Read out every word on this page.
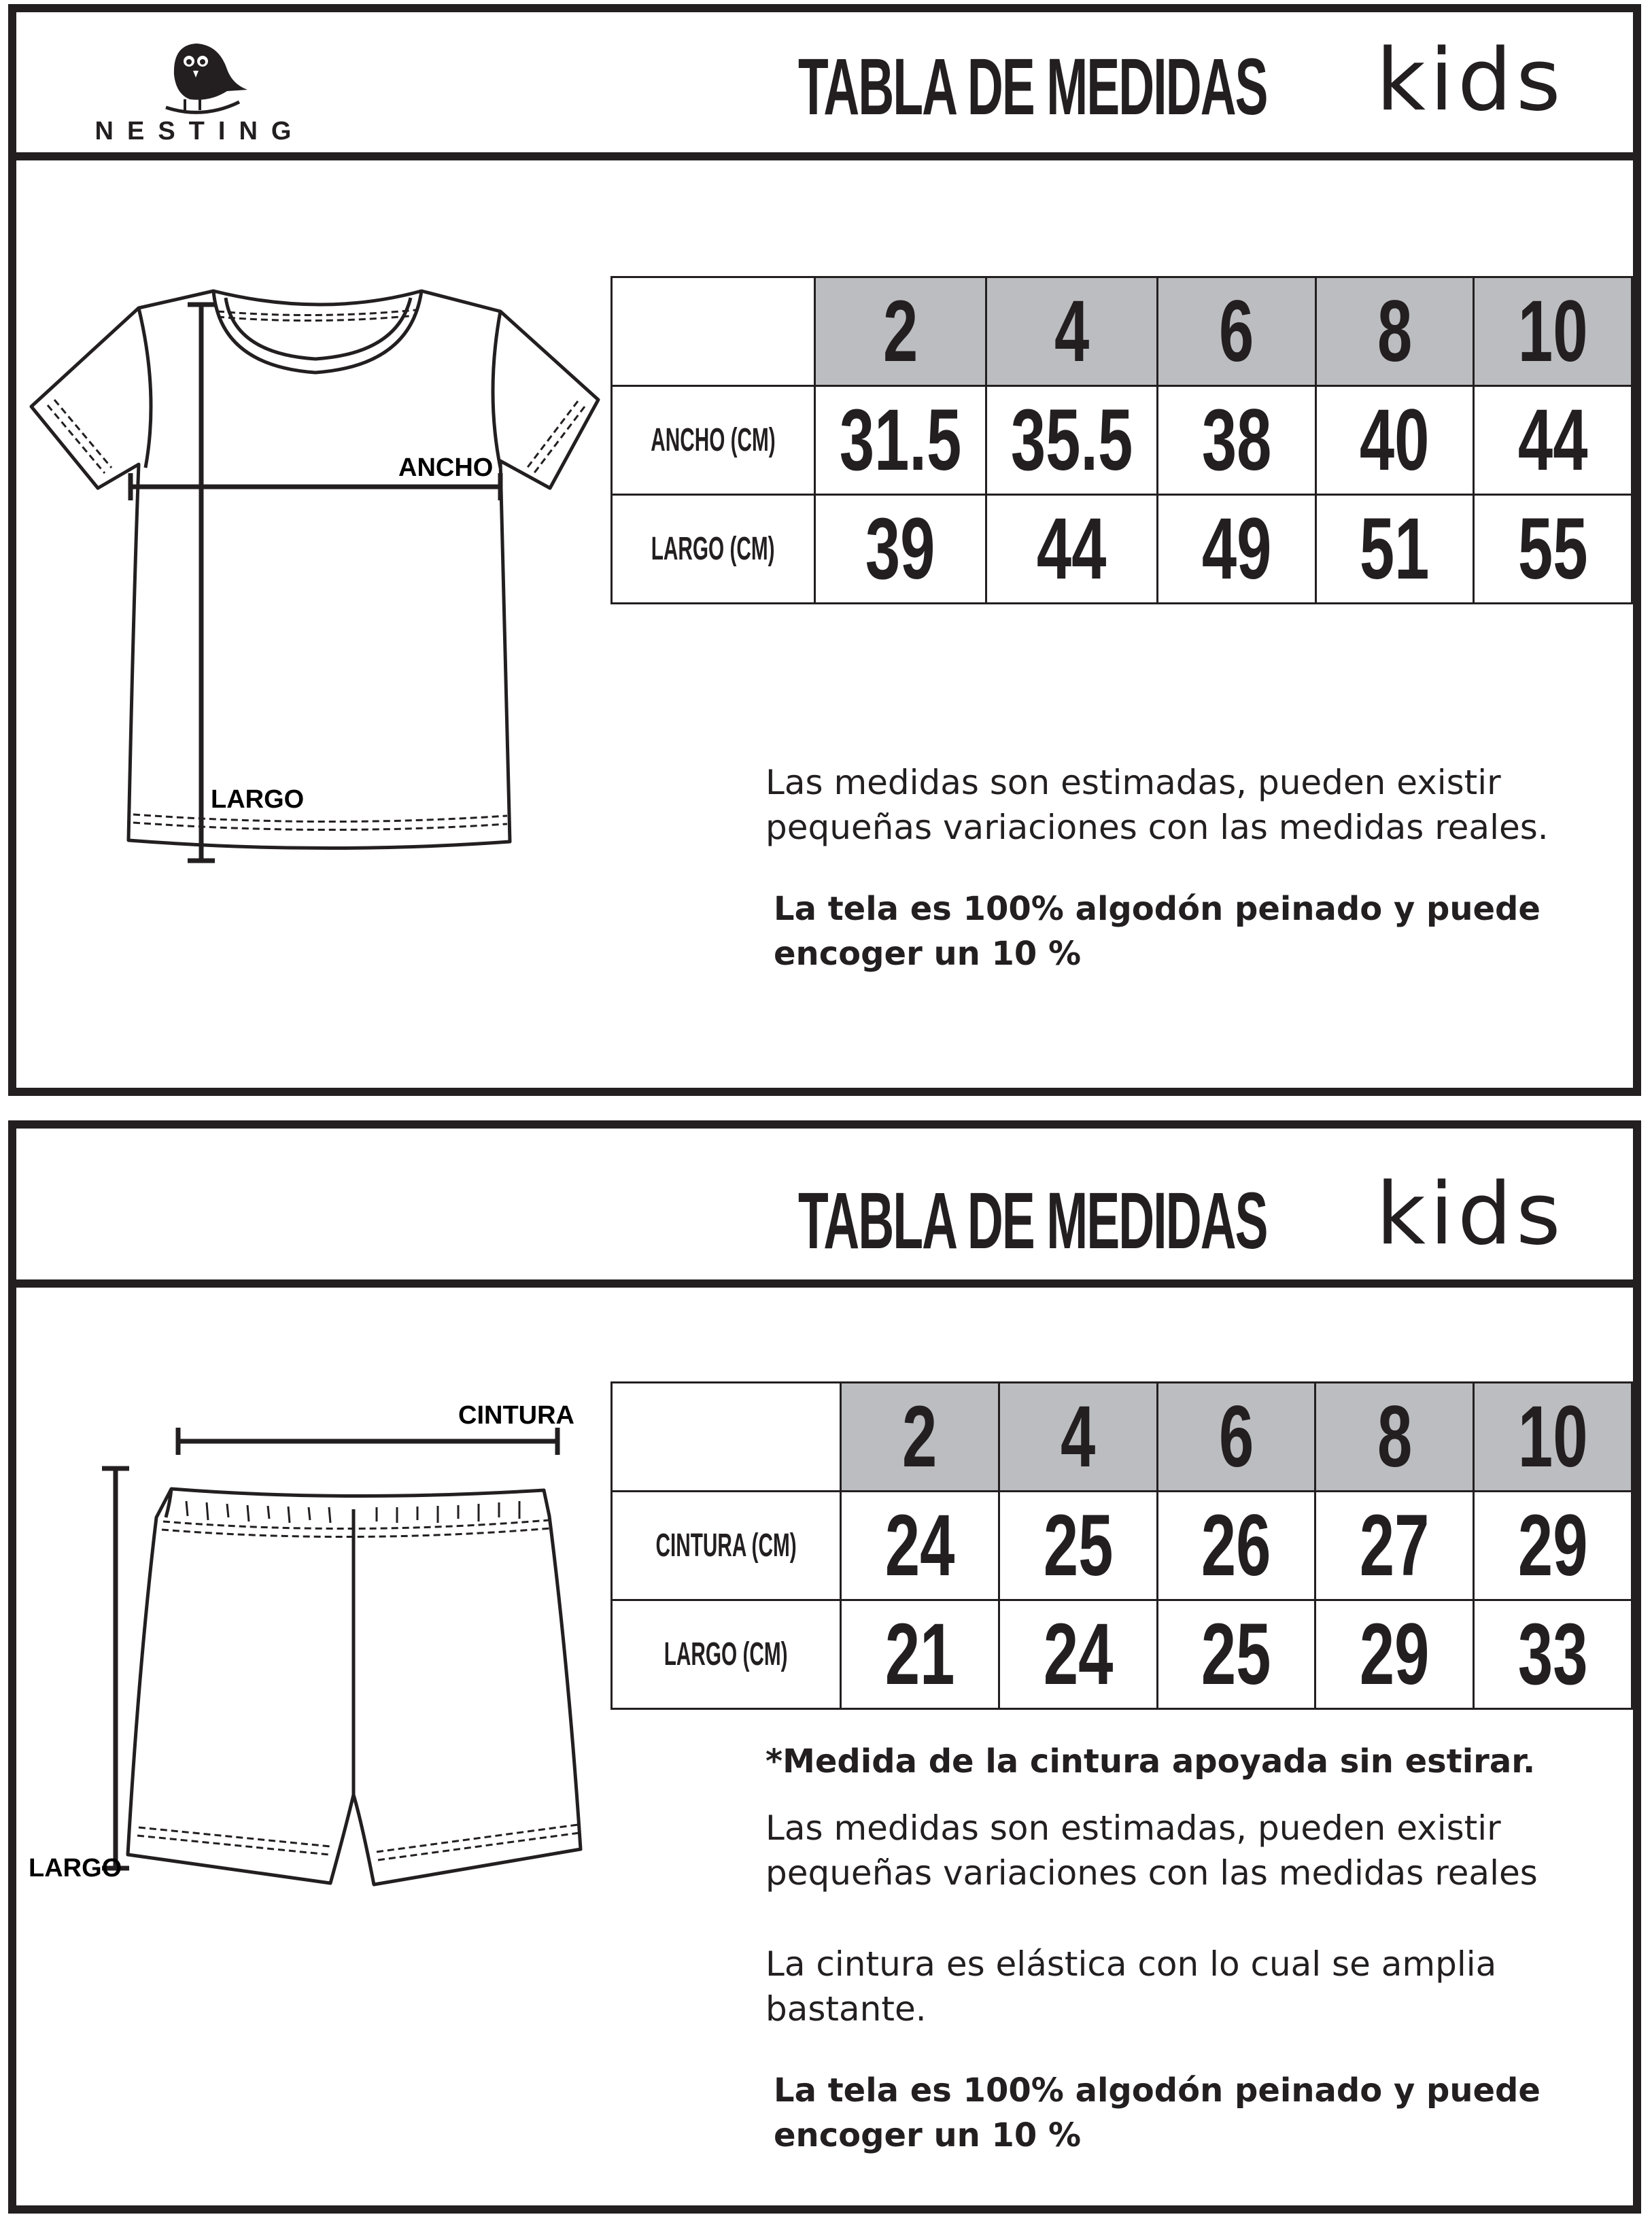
NESTING	TABLA DE MEDIDAS kids
ANCHO
LARGO
	2	4	6	8	10
ANCHO (CM)	31.5	35.5	38	40	44
LARGO (CM)	39	44	49	51	55
Las medidas son estimadas, pueden existir
pequeñas variaciones con las medidas reales.
La tela es 100% algodón peinado y puede
encoger un 10 %
TABLA DE MEDIDAS kids
CINTURA
LARGO
	2	4	6	8	10
CINTURA (CM)	24	25	26	27	29
LARGO (CM)	21	24	25	29	33
*Medida de la cintura apoyada sin estirar.
Las medidas son estimadas, pueden existir
pequeñas variaciones con las medidas reales
La cintura es elástica con lo cual se amplia
bastante.
La tela es 100% algodón peinado y puede
encoger un 10 %
